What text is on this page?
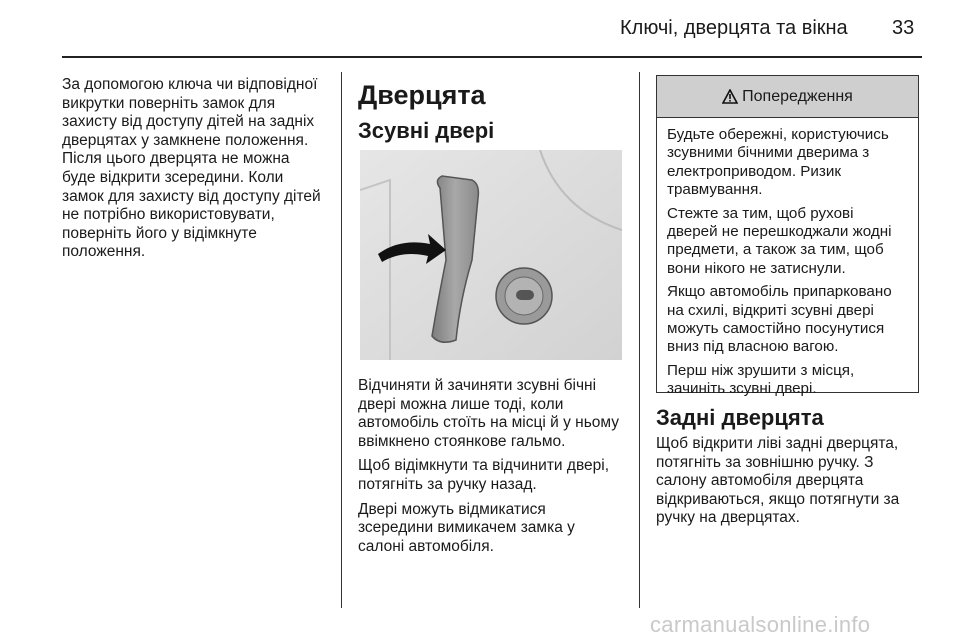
Ключі, дверцята та вікна 33

За допомогою ключа чи відповідної
викрутки поверніть замок для
захисту від доступу дітей на задніх
дверцятах у замкнене положення.
Після цього дверцята не можна
буде відкрити зсередини. Коли
замок для захисту від доступу дітей
не потрібно використовувати,
поверніть його у відімкнуте
положення.

Дверцята
Зсувні двері

Відчиняти й зачиняти зсувні бічні
двері можна лише тоді, коли
автомобіль стоїть на місці й у ньому
ввімкнено стоянкове гальмо.

Щоб відімкнути та відчинити двері,
потягніть за ручку назад.

Двері можуть відмикатися
зсередини вимикачем замка у
салоні автомобіля.

Попередження

Будьте обережні, користуючись
зсувними бічними дверима з
електроприводом. Ризик
травмування.

Стежте за тим, щоб рухові
дверей не перешкоджали жодні
предмети, а також за тим, щоб
вони нікого не затиснули.

Якщо автомобіль припарковано
на схилі, відкриті зсувні двері
можуть самостійно посунутися
вниз під власною вагою.

Перш ніж зрушити з місця,
зачиніть зсувні двері.

Задні дверцята

Щоб відкрити ліві задні дверцята,
потягніть за зовнішню ручку. З
салону автомобіля дверцята
відкриваються, якщо потягнути за
ручку на дверцятах.

carmanualsonline.info
